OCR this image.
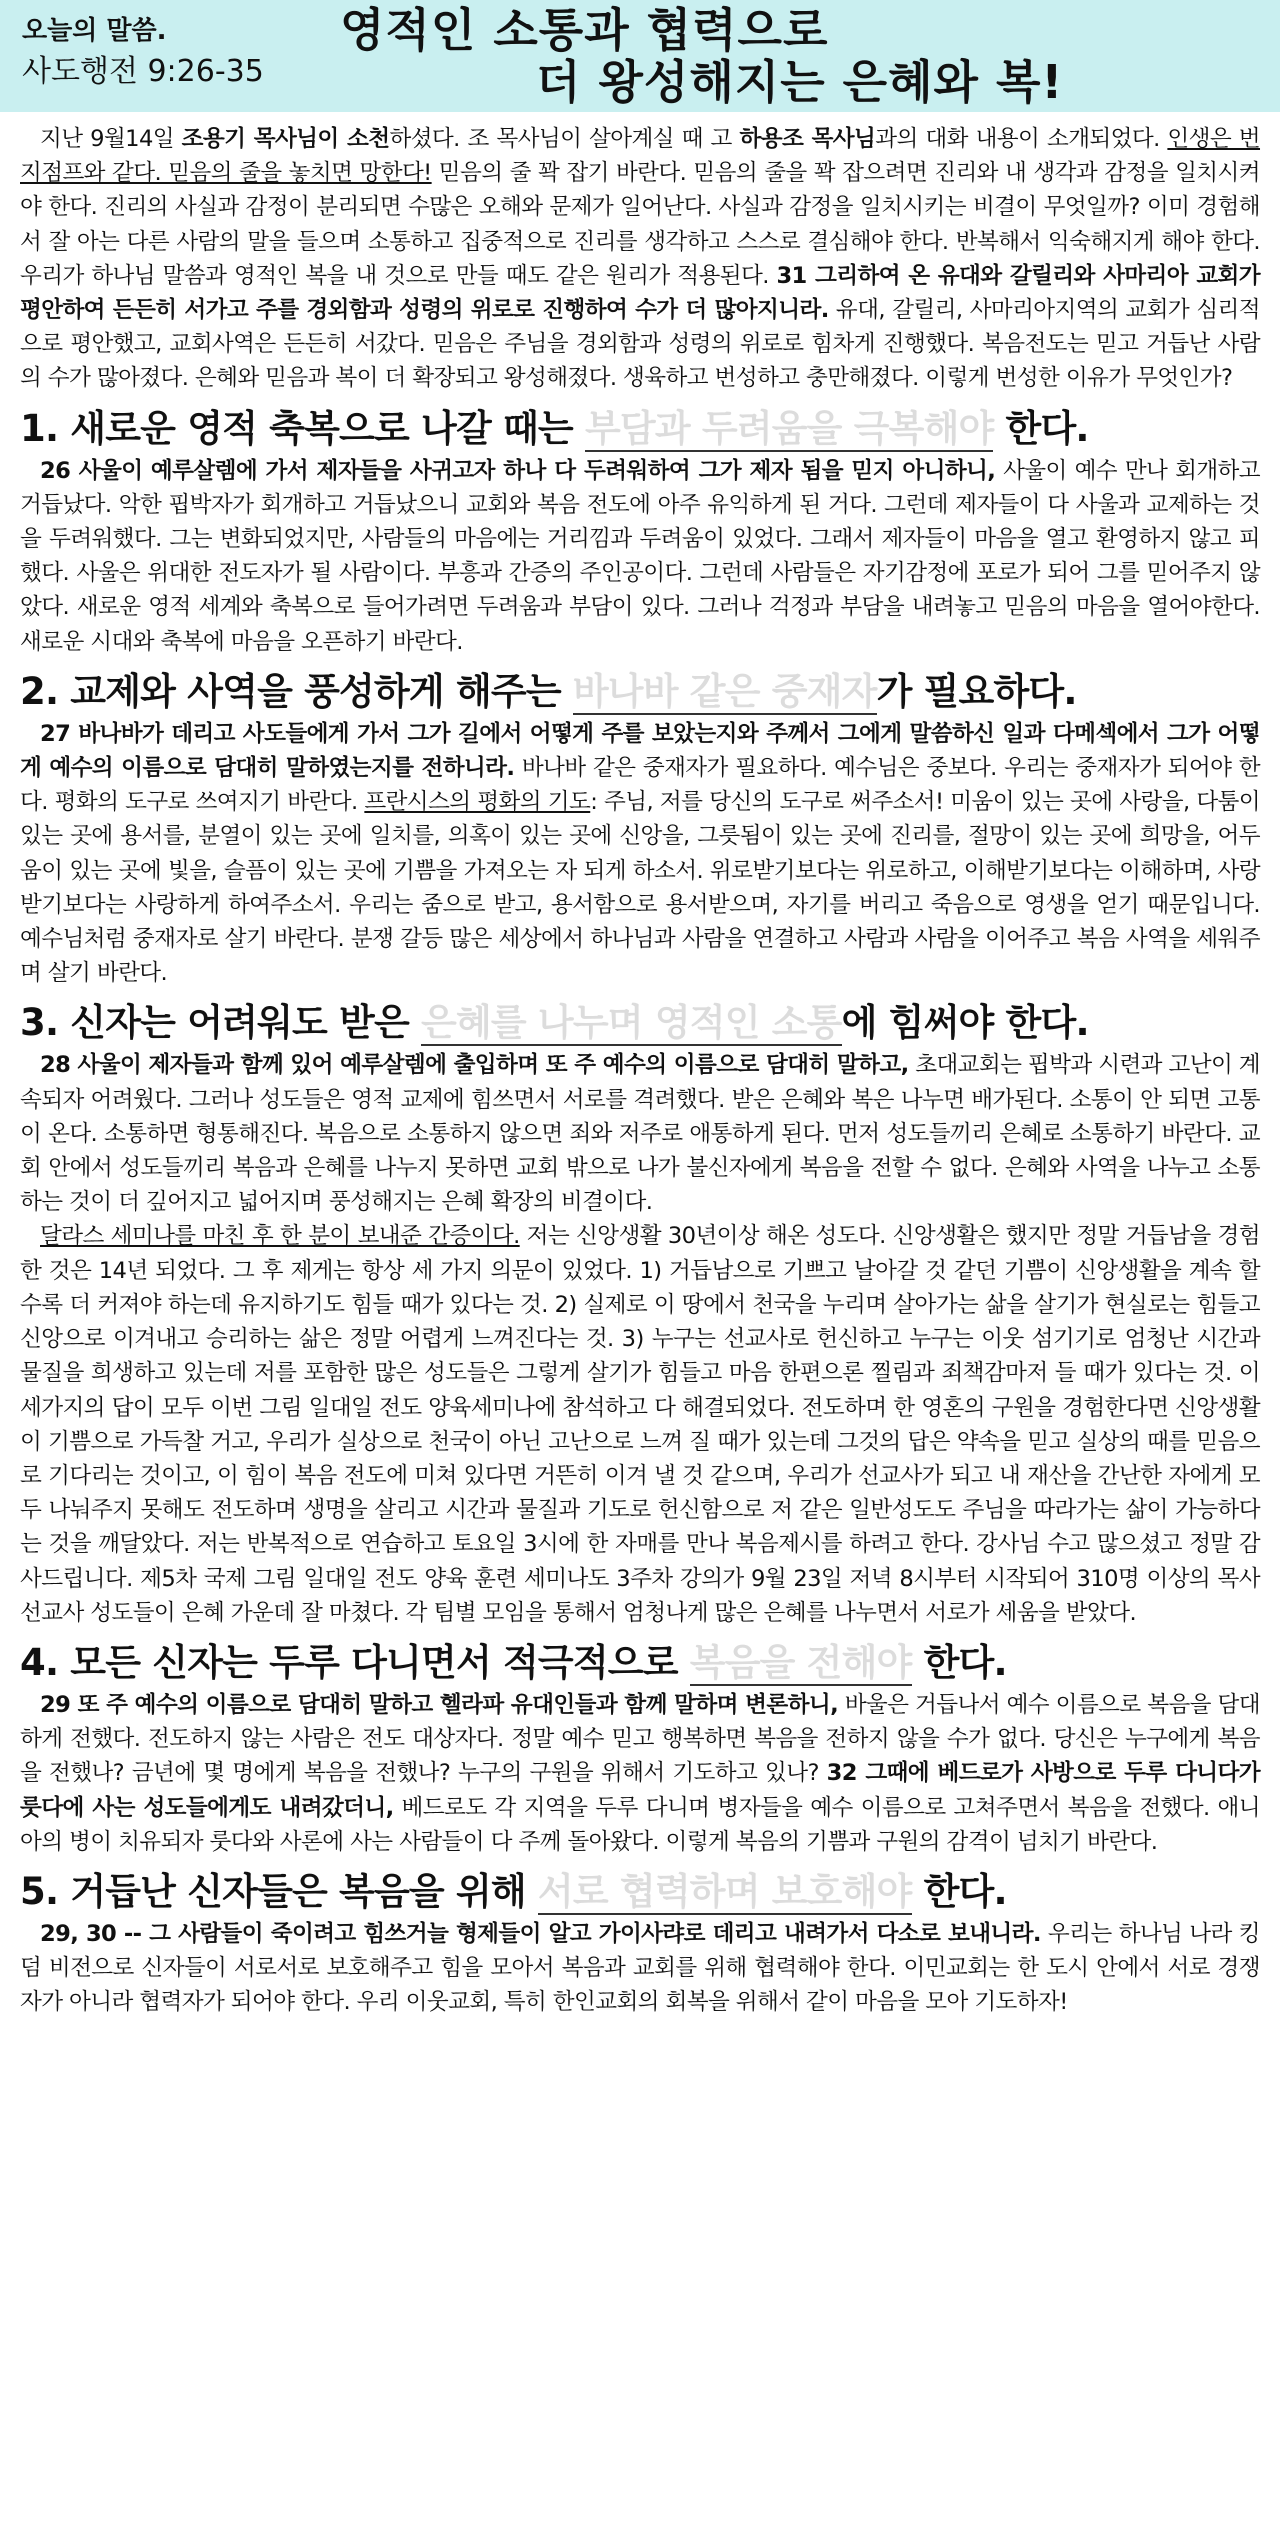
오늘의 말씀.
사도행전 9:26-35
영적인 소통과 협력으로
더 왕성해지는 은혜와 복!

지난 9월14일 조용기 목사님이 소천하셨다. 조 목사님이 살아계실 때 고 하용조 목사님과의 대화 내용이 소개되었다. 인생은 번지점프와 같다. 믿음의 줄을 놓치면 망한다! 믿음의 줄 꽉 잡기 바란다. 믿음의 줄을 꽉 잡으려면 진리와 내 생각과 감정을 일치시켜야 한다. 진리의 사실과 감정이 분리되면 수많은 오해와 문제가 일어난다. 사실과 감정을 일치시키는 비결이 무엇일까? 이미 경험해서 잘 아는 다른 사람의 말을 들으며 소통하고 집중적으로 진리를 생각하고 스스로 결심해야 한다. 반복해서 익숙해지게 해야 한다. 우리가 하나님 말씀과 영적인 복을 내 것으로 만들 때도 같은 원리가 적용된다. 31 그리하여 온 유대와 갈릴리와 사마리아 교회가 평안하여 든든히 서가고 주를 경외함과 성령의 위로로 진행하여 수가 더 많아지니라. 유대, 갈릴리, 사마리아지역의 교회가 심리적으로 평안했고, 교회사역은 든든히 서갔다. 믿음은 주님을 경외함과 성령의 위로로 힘차게 진행했다. 복음전도는 믿고 거듭난 사람의 수가 많아졌다. 은혜와 믿음과 복이 더 확장되고 왕성해졌다. 생육하고 번성하고 충만해졌다. 이렇게 번성한 이유가 무엇인가?

1. 새로운 영적 축복으로 나갈 때는 부담과 두려움을 극복해야 한다.

26 사울이 예루살렘에 가서 제자들을 사귀고자 하나 다 두려워하여 그가 제자 됨을 믿지 아니하니, 사울이 예수 만나 회개하고 거듭났다. 악한 핍박자가 회개하고 거듭났으니 교회와 복음 전도에 아주 유익하게 된 거다. 그런데 제자들이 다 사울과 교제하는 것을 두려워했다. 그는 변화되었지만, 사람들의 마음에는 거리낌과 두려움이 있었다. 그래서 제자들이 마음을 열고 환영하지 않고 피했다. 사울은 위대한 전도자가 될 사람이다. 부흥과 간증의 주인공이다. 그런데 사람들은 자기감정에 포로가 되어 그를 믿어주지 않았다. 새로운 영적 세계와 축복으로 들어가려면 두려움과 부담이 있다. 그러나 걱정과 부담을 내려놓고 믿음의 마음을 열어야한다. 새로운 시대와 축복에 마음을 오픈하기 바란다.

2. 교제와 사역을 풍성하게 해주는 바나바 같은 중재자가 필요하다.

27 바나바가 데리고 사도들에게 가서 그가 길에서 어떻게 주를 보았는지와 주께서 그에게 말씀하신 일과 다메섹에서 그가 어떻게 예수의 이름으로 담대히 말하였는지를 전하니라. 바나바 같은 중재자가 필요하다. 예수님은 중보다. 우리는 중재자가 되어야 한다. 평화의 도구로 쓰여지기 바란다. 프란시스의 평화의 기도: 주님, 저를 당신의 도구로 써주소서! 미움이 있는 곳에 사랑을, 다툼이 있는 곳에 용서를, 분열이 있는 곳에 일치를, 의혹이 있는 곳에 신앙을, 그릇됨이 있는 곳에 진리를, 절망이 있는 곳에 희망을, 어두움이 있는 곳에 빛을, 슬픔이 있는 곳에 기쁨을 가져오는 자 되게 하소서. 위로받기보다는 위로하고, 이해받기보다는 이해하며, 사랑받기보다는 사랑하게 하여주소서. 우리는 줌으로 받고, 용서함으로 용서받으며, 자기를 버리고 죽음으로 영생을 얻기 때문입니다. 예수님처럼 중재자로 살기 바란다. 분쟁 갈등 많은 세상에서 하나님과 사람을 연결하고 사람과 사람을 이어주고 복음 사역을 세워주며 살기 바란다.

3. 신자는 어려워도 받은 은혜를 나누며 영적인 소통에 힘써야 한다.

28 사울이 제자들과 함께 있어 예루살렘에 출입하며 또 주 예수의 이름으로 담대히 말하고, 초대교회는 핍박과 시련과 고난이 계속되자 어려웠다. 그러나 성도들은 영적 교제에 힘쓰면서 서로를 격려했다. 받은 은혜와 복은 나누면 배가된다. 소통이 안 되면 고통이 온다. 소통하면 형통해진다. 복음으로 소통하지 않으면 죄와 저주로 애통하게 된다. 먼저 성도들끼리 은혜로 소통하기 바란다. 교회 안에서 성도들끼리 복음과 은혜를 나누지 못하면 교회 밖으로 나가 불신자에게 복음을 전할 수 없다. 은혜와 사역을 나누고 소통하는 것이 더 깊어지고 넓어지며 풍성해지는 은혜 확장의 비결이다.

달라스 세미나를 마친 후 한 분이 보내준 간증이다. 저는 신앙생활 30년이상 해온 성도다. 신앙생활은 했지만 정말 거듭남을 경험한 것은 14년 되었다. 그 후 제게는 항상 세 가지 의문이 있었다. 1) 거듭남으로 기쁘고 날아갈 것 같던 기쁨이 신앙생활을 계속 할수록 더 커져야 하는데 유지하기도 힘들 때가 있다는 것. 2) 실제로 이 땅에서 천국을 누리며 살아가는 삶을 살기가 현실로는 힘들고 신앙으로 이겨내고 승리하는 삶은 정말 어렵게 느껴진다는 것. 3) 누구는 선교사로 헌신하고 누구는 이웃 섬기기로 엄청난 시간과 물질을 희생하고 있는데 저를 포함한 많은 성도들은 그렇게 살기가 힘들고 마음 한편으론 찔림과 죄책감마저 들 때가 있다는 것. 이 세가지의 답이 모두 이번 그림 일대일 전도 양육세미나에 참석하고 다 해결되었다. 전도하며 한 영혼의 구원을 경험한다면 신앙생활이 기쁨으로 가득찰 거고, 우리가 실상으로 천국이 아닌 고난으로 느껴 질 때가 있는데 그것의 답은 약속을 믿고 실상의 때를 믿음으로 기다리는 것이고, 이 힘이 복음 전도에 미쳐 있다면 거뜬히 이겨 낼 것 같으며, 우리가 선교사가 되고 내 재산을 간난한 자에게 모두 나눠주지 못해도 전도하며 생명을 살리고 시간과 물질과 기도로 헌신함으로 저 같은 일반성도도 주님을 따라가는 삶이 가능하다는 것을 깨달았다. 저는 반복적으로 연습하고 토요일 3시에 한 자매를 만나 복음제시를 하려고 한다. 강사님 수고 많으셨고 정말 감사드립니다. 제5차 국제 그림 일대일 전도 양육 훈련 세미나도 3주차 강의가 9월 23일 저녁 8시부터 시작되어 310명 이상의 목사 선교사 성도들이 은혜 가운데 잘 마쳤다. 각 팀별 모임을 통해서 엄청나게 많은 은혜를 나누면서 서로가 세움을 받았다.

4. 모든 신자는 두루 다니면서 적극적으로 복음을 전해야 한다.

29 또 주 예수의 이름으로 담대히 말하고 헬라파 유대인들과 함께 말하며 변론하니, 바울은 거듭나서 예수 이름으로 복음을 담대하게 전했다. 전도하지 않는 사람은 전도 대상자다. 정말 예수 믿고 행복하면 복음을 전하지 않을 수가 없다. 당신은 누구에게 복음을 전했나? 금년에 몇 명에게 복음을 전했나? 누구의 구원을 위해서 기도하고 있나? 32 그때에 베드로가 사방으로 두루 다니다가 룻다에 사는 성도들에게도 내려갔더니, 베드로도 각 지역을 두루 다니며 병자들을 예수 이름으로 고쳐주면서 복음을 전했다. 애니아의 병이 치유되자 룻다와 사론에 사는 사람들이 다 주께 돌아왔다. 이렇게 복음의 기쁨과 구원의 감격이 넘치기 바란다.

5. 거듭난 신자들은 복음을 위해 서로 협력하며 보호해야 한다.

29, 30 -- 그 사람들이 죽이려고 힘쓰거늘 형제들이 알고 가이사랴로 데리고 내려가서 다소로 보내니라. 우리는 하나님 나라 킹덤 비전으로 신자들이 서로서로 보호해주고 힘을 모아서 복음과 교회를 위해 협력해야 한다. 이민교회는 한 도시 안에서 서로 경쟁자가 아니라 협력자가 되어야 한다. 우리 이웃교회, 특히 한인교회의 회복을 위해서 같이 마음을 모아 기도하자!
